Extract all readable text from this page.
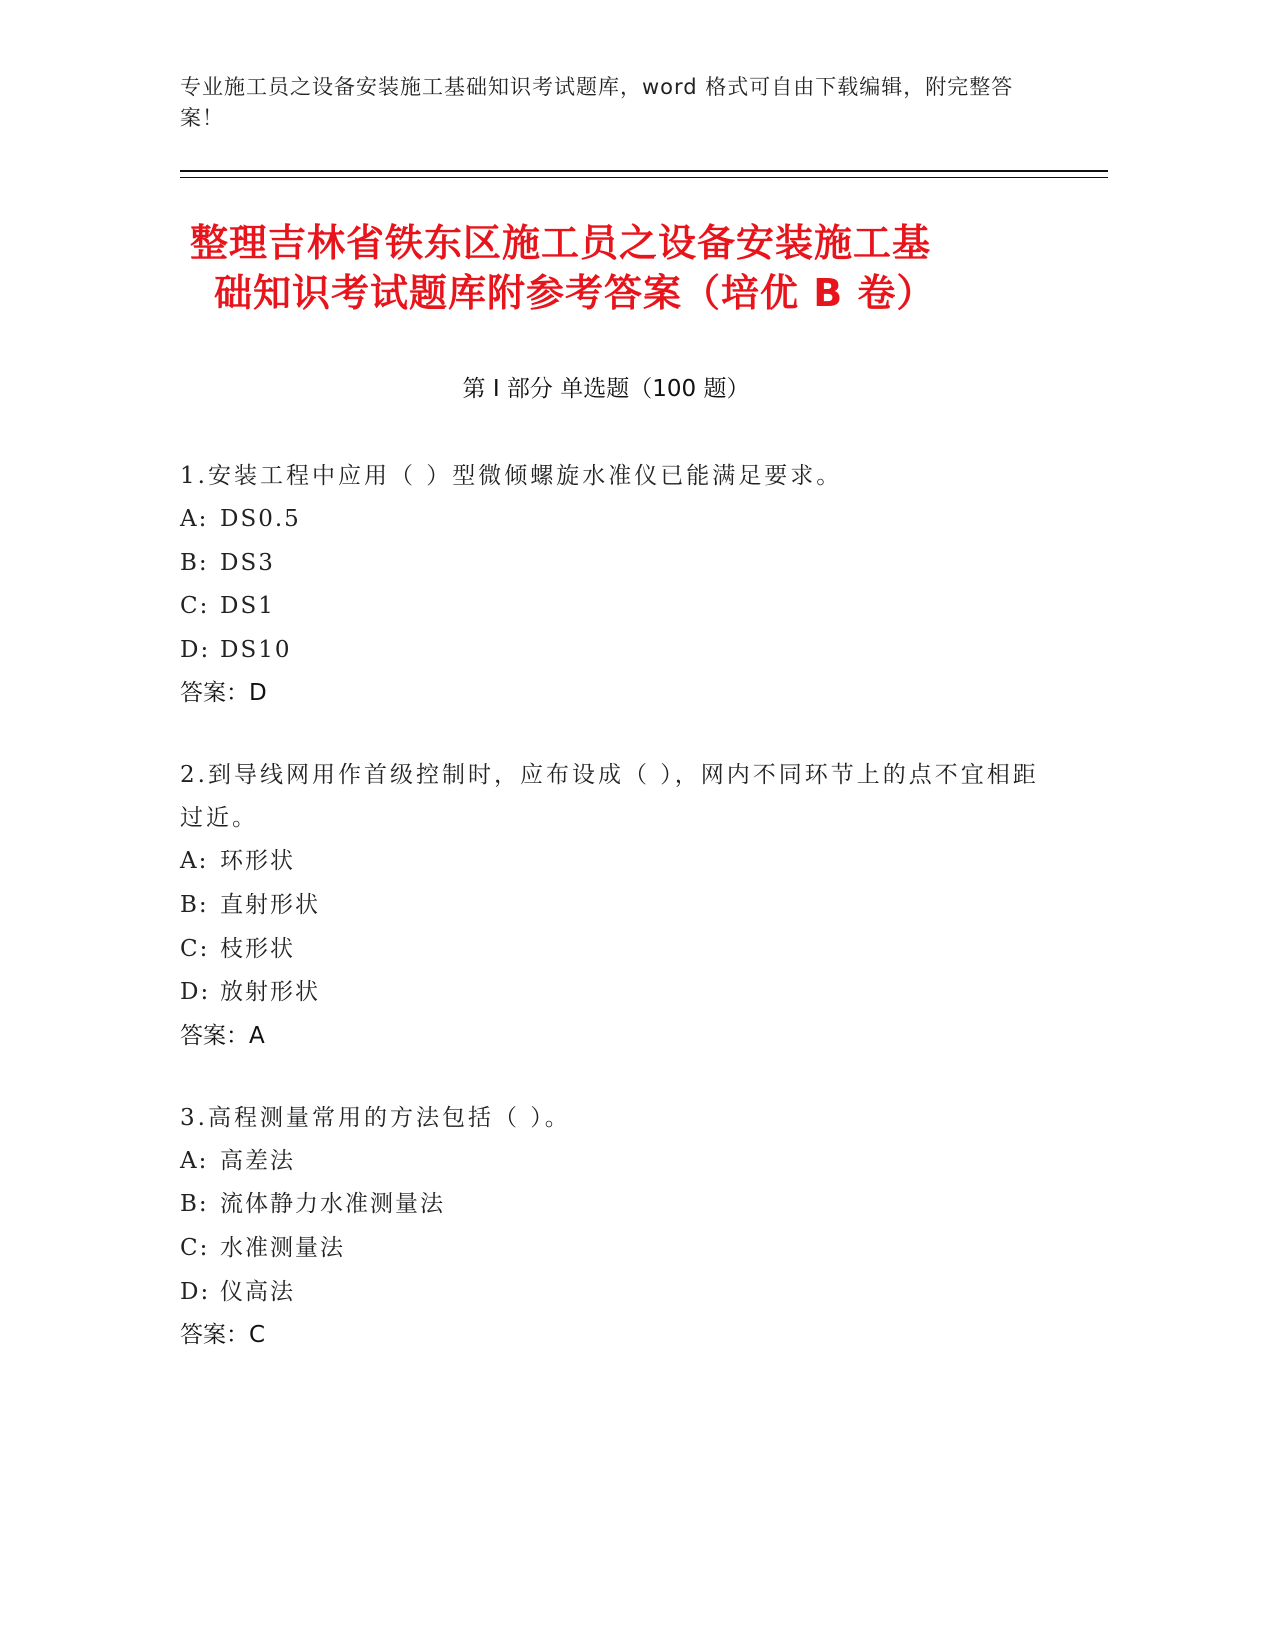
专业施工员之设备安装施工基础知识考试题库，word 格式可自由下载编辑，附完整答案！
整理吉林省铁东区施工员之设备安装施工基
础知识考试题库附参考答案（培优 B 卷）
第 I 部分 单选题（100 题）
1.安装工程中应用（ ）型微倾螺旋水准仪已能满足要求。
A: DS0.5
B: DS3
C: DS1
D: DS10
答案：D
2.到导线网用作首级控制时，应布设成（ ），网内不同环节上的点不宜相距过近。
A: 环形状
B: 直射形状
C: 枝形状
D: 放射形状
答案：A
3.高程测量常用的方法包括（ ）。
A: 高差法
B: 流体静力水准测量法
C: 水准测量法
D: 仪高法
答案：C
